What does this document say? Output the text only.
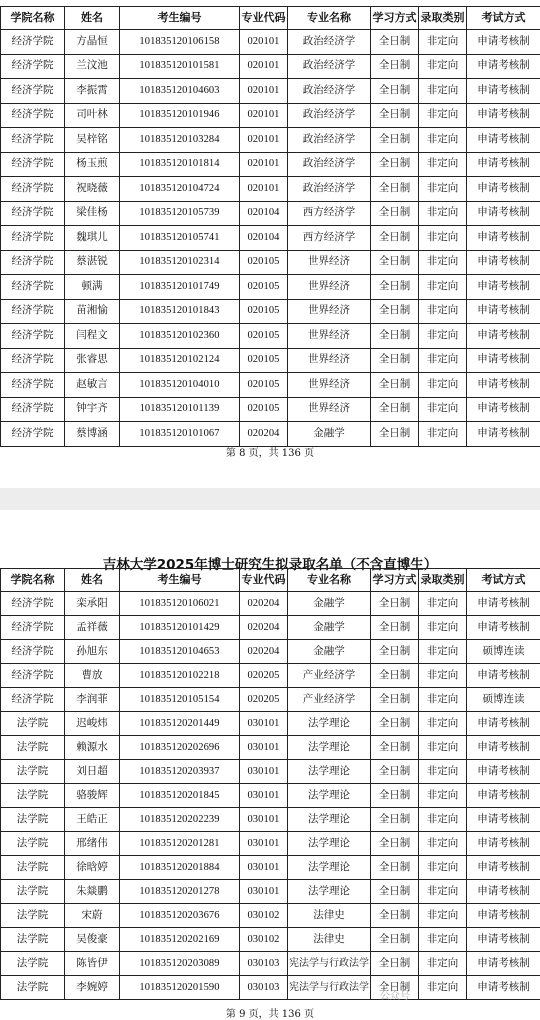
学院名称	姓名	考生编号	专业代码	专业名称	学习方式	录取类别	考试方式
经济学院	方晶恒	101835120106158	020101	政治经济学	全日制	非定向	申请考核制
经济学院	兰汶池	101835120101581	020101	政治经济学	全日制	非定向	申请考核制
经济学院	李振霄	101835120104603	020101	政治经济学	全日制	非定向	申请考核制
经济学院	司叶林	101835120101946	020101	政治经济学	全日制	非定向	申请考核制
经济学院	吴梓铭	101835120103284	020101	政治经济学	全日制	非定向	申请考核制
经济学院	杨玉煎	101835120101814	020101	政治经济学	全日制	非定向	申请考核制
经济学院	祝晓薇	101835120104724	020101	政治经济学	全日制	非定向	申请考核制
经济学院	梁佳杨	101835120105739	020104	西方经济学	全日制	非定向	申请考核制
经济学院	魏琪儿	101835120105741	020104	西方经济学	全日制	非定向	申请考核制
经济学院	蔡湛锐	101835120102314	020105	世界经济	全日制	非定向	申请考核制
经济学院	顿满	101835120101749	020105	世界经济	全日制	非定向	申请考核制
经济学院	苗湘愉	101835120101843	020105	世界经济	全日制	非定向	申请考核制
经济学院	闫程文	101835120102360	020105	世界经济	全日制	非定向	申请考核制
经济学院	张睿思	101835120102124	020105	世界经济	全日制	非定向	申请考核制
经济学院	赵敏言	101835120104010	020105	世界经济	全日制	非定向	申请考核制
经济学院	钟宇齐	101835120101139	020105	世界经济	全日制	非定向	申请考核制
经济学院	蔡博涵	101835120101067	020204	金融学	全日制	非定向	申请考核制
第 8 页，共 136 页
吉林大学2025年博士研究生拟录取名单（不含直博生）
学院名称	姓名	考生编号	专业代码	专业名称	学习方式	录取类别	考试方式
经济学院	栾承阳	101835120106021	020204	金融学	全日制	非定向	申请考核制
经济学院	孟祥薇	101835120101429	020204	金融学	全日制	非定向	申请考核制
经济学院	孙旭东	101835120104653	020204	金融学	全日制	非定向	硕博连读
经济学院	曹放	101835120102218	020205	产业经济学	全日制	非定向	申请考核制
经济学院	李润菲	101835120105154	020205	产业经济学	全日制	非定向	硕博连读
法学院	迟峻炜	101835120201449	030101	法学理论	全日制	非定向	申请考核制
法学院	赖源水	101835120202696	030101	法学理论	全日制	非定向	申请考核制
法学院	刘日超	101835120203937	030101	法学理论	全日制	非定向	申请考核制
法学院	骆骏辉	101835120201845	030101	法学理论	全日制	非定向	申请考核制
法学院	王皓正	101835120202239	030101	法学理论	全日制	非定向	申请考核制
法学院	邢绪伟	101835120201281	030101	法学理论	全日制	非定向	申请考核制
法学院	徐晗婷	101835120201884	030101	法学理论	全日制	非定向	申请考核制
法学院	朱燚鹏	101835120201278	030101	法学理论	全日制	非定向	申请考核制
法学院	宋蔚	101835120203676	030102	法律史	全日制	非定向	申请考核制
法学院	吴俊豪	101835120202169	030102	法律史	全日制	非定向	申请考核制
法学院	陈皆伊	101835120203089	030103	宪法学与行政法学	全日制	非定向	申请考核制
法学院	李婉婷	101835120201590	030103	宪法学与行政法学	全日制	非定向	申请考核制
第 9 页，共 136 页
公众号
